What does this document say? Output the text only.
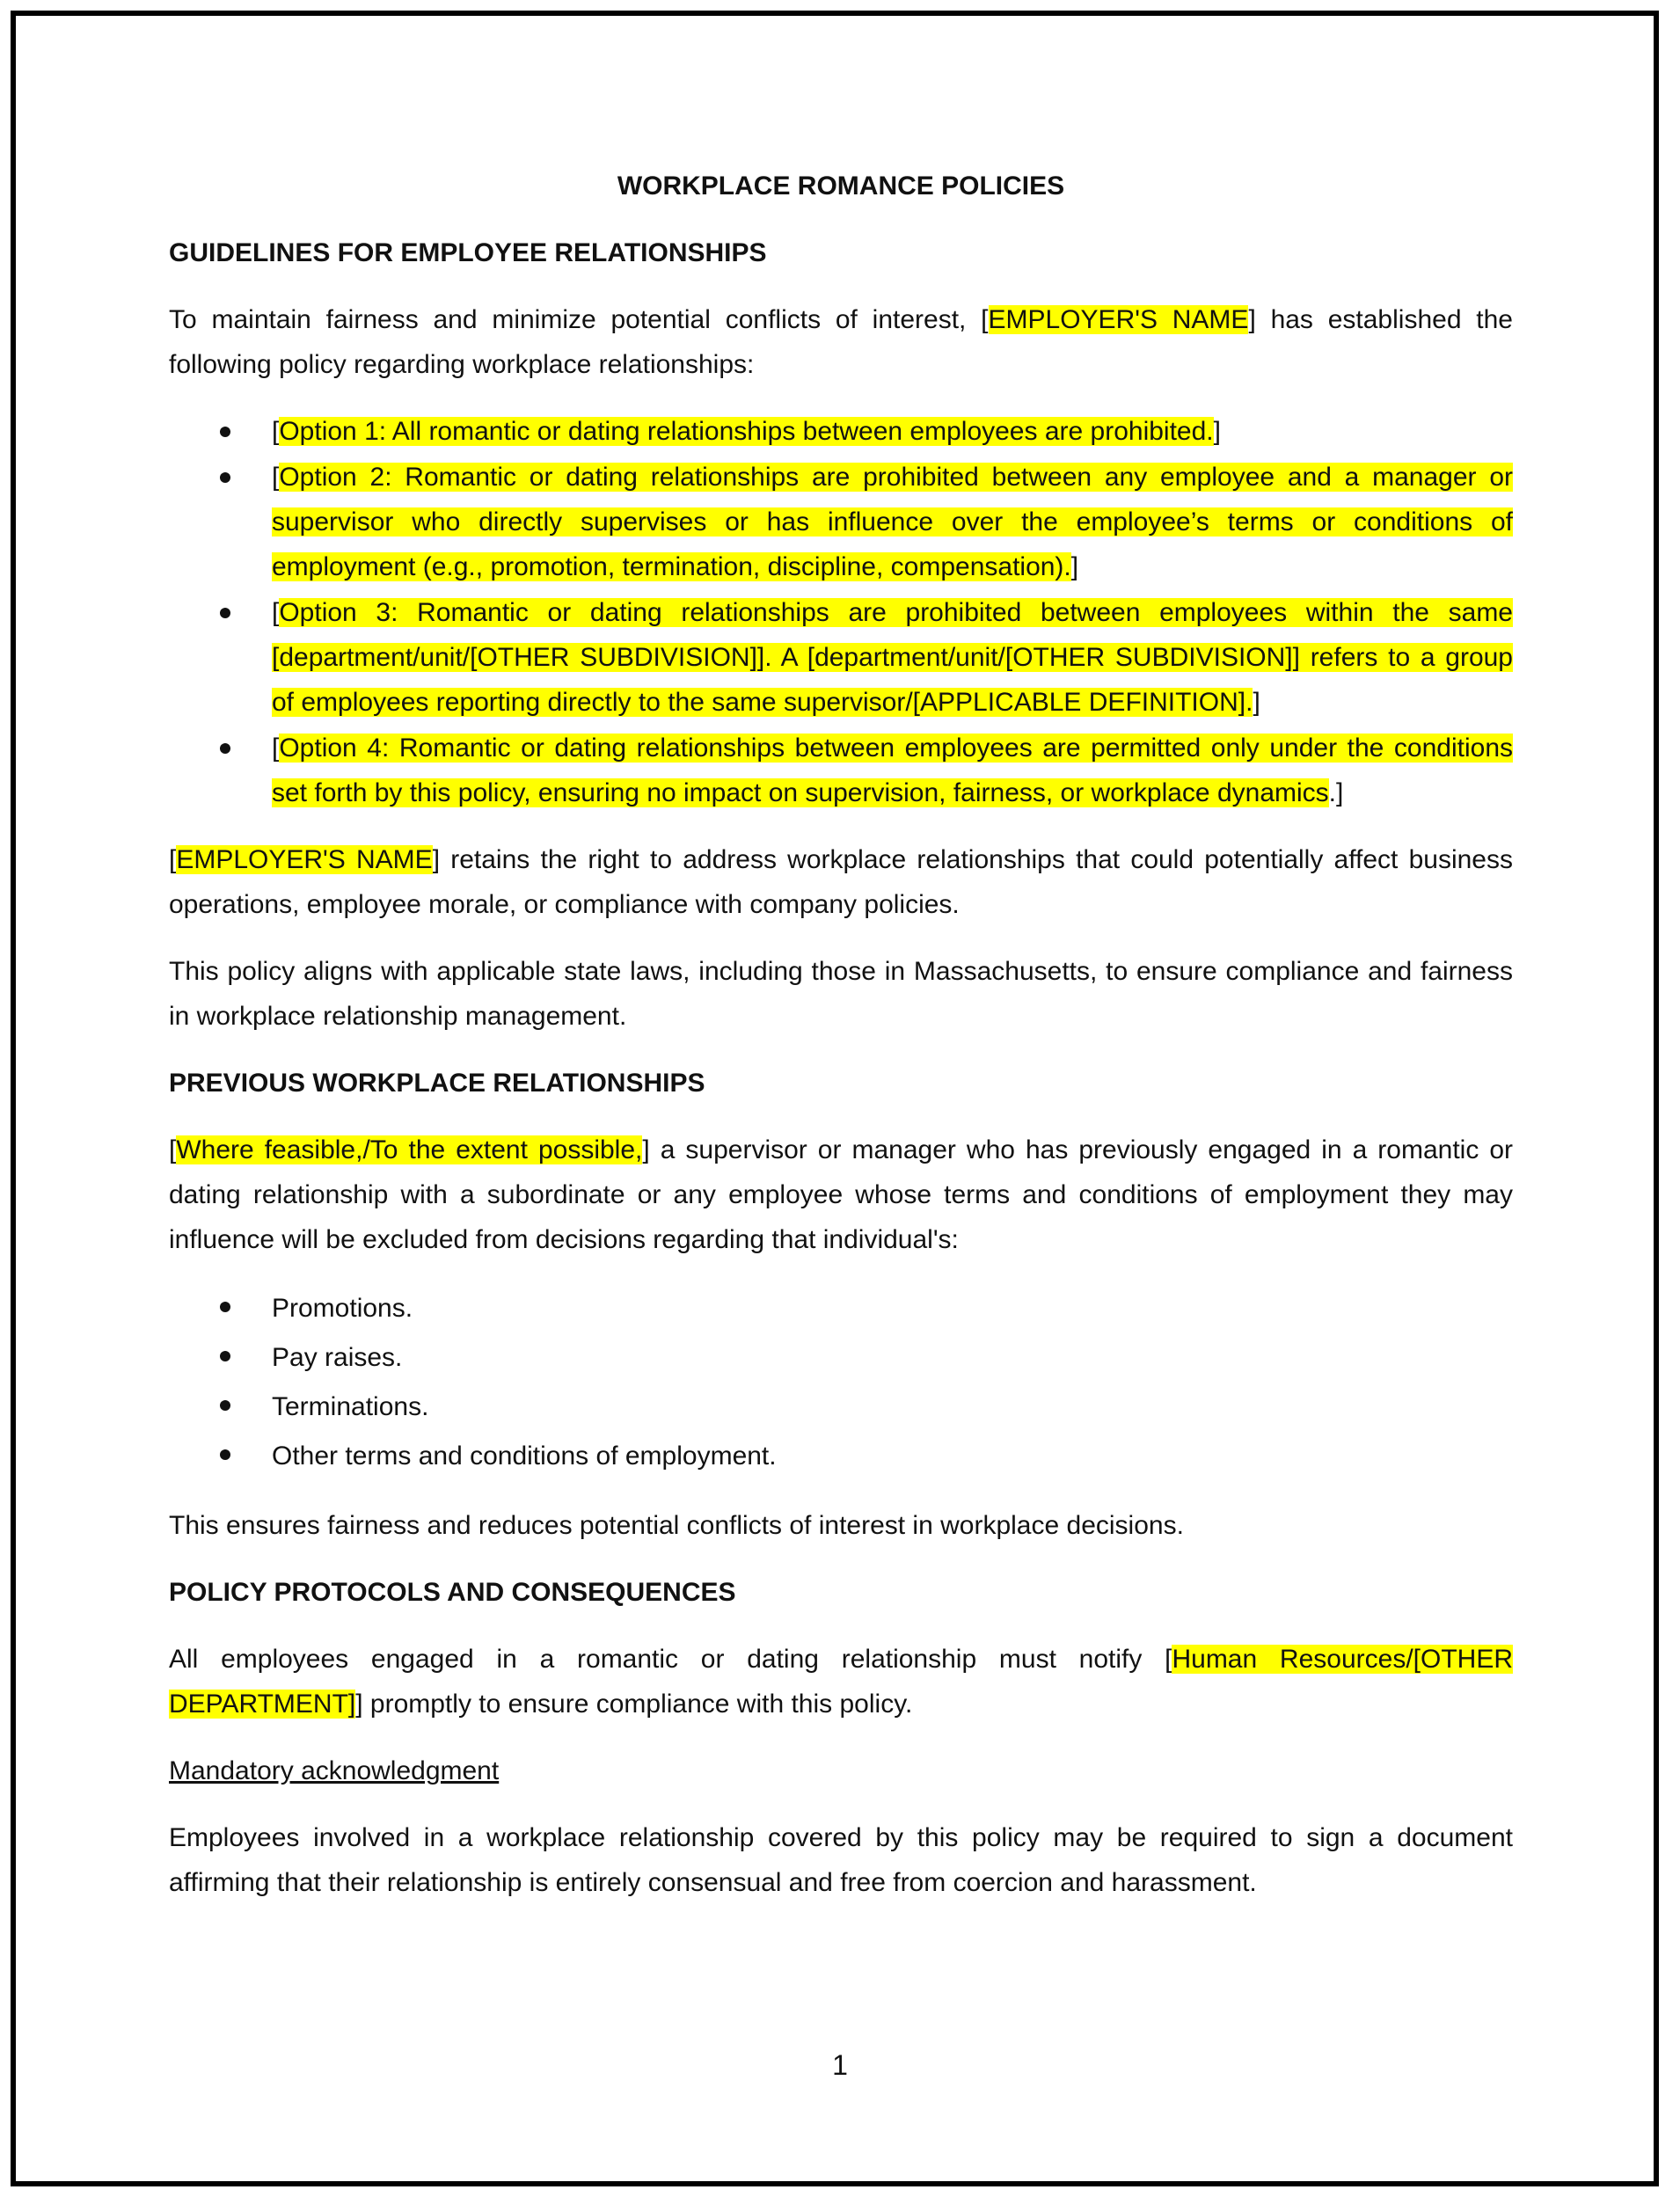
WORKPLACE ROMANCE POLICIES
GUIDELINES FOR EMPLOYEE RELATIONSHIPS

To maintain fairness and minimize potential conflicts of interest, [EMPLOYER'S NAME] has established the following policy regarding workplace relationships:

[Option 1: All romantic or dating relationships between employees are prohibited.]
[Option 2: Romantic or dating relationships are prohibited between any employee and a manager or supervisor who directly supervises or has influence over the employee’s terms or conditions of employment (e.g., promotion, termination, discipline, compensation).]
[Option 3: Romantic or dating relationships are prohibited between employees within the same [department/unit/[OTHER SUBDIVISION]]. A [department/unit/[OTHER SUBDIVISION]] refers to a group of employees reporting directly to the same supervisor/[APPLICABLE DEFINITION].]
[Option 4: Romantic or dating relationships between employees are permitted only under the conditions set forth by this policy, ensuring no impact on supervision, fairness, or workplace dynamics.]

[EMPLOYER'S NAME] retains the right to address workplace relationships that could potentially affect business operations, employee morale, or compliance with company policies.

This policy aligns with applicable state laws, including those in Massachusetts, to ensure compliance and fairness in workplace relationship management.

PREVIOUS WORKPLACE RELATIONSHIPS

[Where feasible,/To the extent possible,] a supervisor or manager who has previously engaged in a romantic or dating relationship with a subordinate or any employee whose terms and conditions of employment they may influence will be excluded from decisions regarding that individual's:

Promotions.
Pay raises.
Terminations.
Other terms and conditions of employment.

This ensures fairness and reduces potential conflicts of interest in workplace decisions.

POLICY PROTOCOLS AND CONSEQUENCES

All employees engaged in a romantic or dating relationship must notify [Human Resources/[OTHER DEPARTMENT]] promptly to ensure compliance with this policy.

Mandatory acknowledgment

Employees involved in a workplace relationship covered by this policy may be required to sign a document affirming that their relationship is entirely consensual and free from coercion and harassment.

1
